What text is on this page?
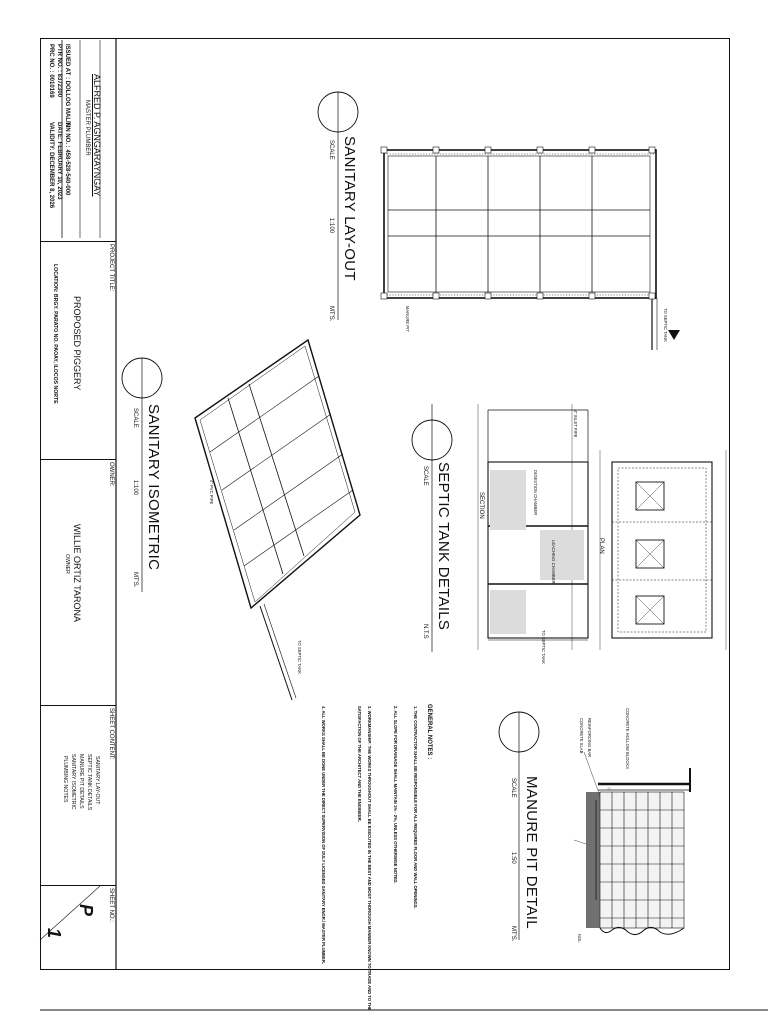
PRC NO. : 0010169 PTR NO. : 8372300 ISSUED AT : DOLLOG MALIN
VALIDITY: DECEMBER 8, 2026 DATE: FEBRUARY 10, 2023 TIN NO. : 458-528-540-000 ALFRED P. AGNGARAYNGAY
MASTER PLUMBER
PROJECT TITLE:
PROPOSED PIGGERY
LOCATION: BRGY. PARATO NO. PAOAY, ILOCOS NORTE
OWNER:
WILLIE ORTIZ TARONA
OWNER
SHEET CONTENT:
SANITARY LAY-OUT
SEPTIC TANK DETAILS
MANURE PIT DETAILS
SANITARY ISOMETRIC
PLUMBING NOTES
SHEET NO.:
P
1
SANITARY LAY-OUT
SCALE
1:100
MT'S.	TO SEPTIC TANK
MANURE PIT
SANITARY ISOMETRIC
SCALE
1:100
MT'S.
4" PVC PIPE
TO SEPTIC TANK
SEPTIC TANK DETAILS
SCALE
N.T.S
SECTION
PLAN
DIGESTION CHAMBER
LEACHING CHAMBER
4" INLET PIPE
TO SEPTIC TANK
MANURE PIT DETAIL
SCALE
1:50
MT'S.
CONCRETE HOLLOW BLOCKS
CONCRETE SLAB REINFORCING BAR
NGL
GENERAL NOTES :
1. THE CONTRACTOR SHALL BE RESPONSIBLE FOR ALL REQUIRED FLOOR AND WALL OPENINGS.
2. ALL SLOPE FOR DRAINAGE SHALL MAINTAIN 1% - 2%, UNLESS OTHERWISE NOTED.
3. WORKMANSHIP: THE WORKS THROUGHOUT SHALL BE EXECUTED IN THE BEST AND MOST THOROUGH MANNER KNOWN TO TRADE AND TO THE SATISFACTION OF THE ARCHITECT AND THE ENGINEER.
4. ALL WORKS SHALL BE DONE UNDER THE DIRECT SUPERVISION OF DULY LICENSED SANITARY ENGR./ MASTER PLUMBER.
